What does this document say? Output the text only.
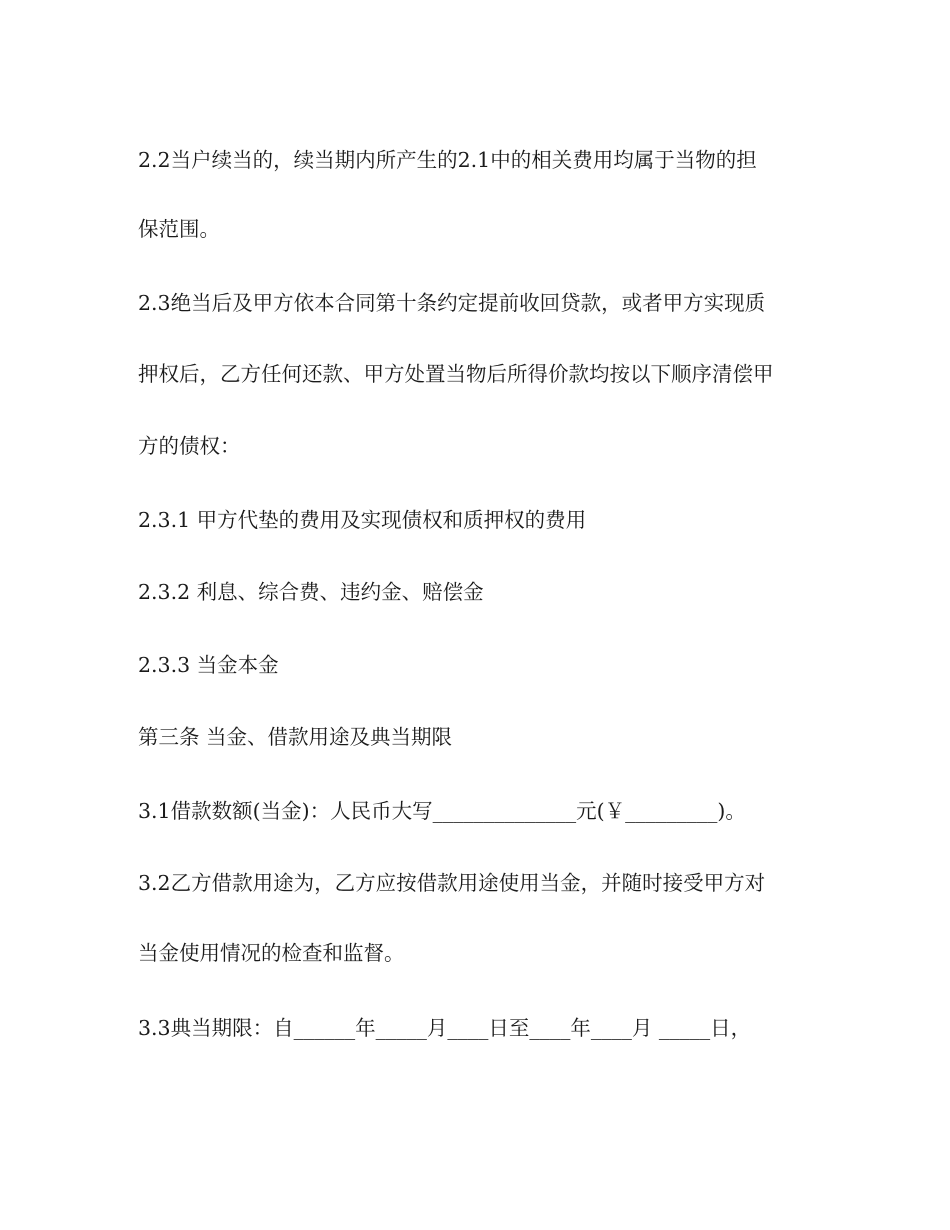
2.2当户续当的，续当期内所产生的2.1中的相关费用均属于当物的担
保范围。
2.3绝当后及甲方依本合同第十条约定提前收回贷款，或者甲方实现质
押权后，乙方任何还款、甲方处置当物后所得价款均按以下顺序清偿甲
方的债权：
2.3.1 甲方代垫的费用及实现债权和质押权的费用
2.3.2 利息、综合费、违约金、赔偿金
2.3.3 当金本金
第三条 当金、借款用途及典当期限
3.1借款数额(当金)：人民币大写______________元(￥_________)。
3.2乙方借款用途为，乙方应按借款用途使用当金，并随时接受甲方对
当金使用情况的检查和监督。
3.3典当期限：自______年_____月____日至____年____月 _____日，
